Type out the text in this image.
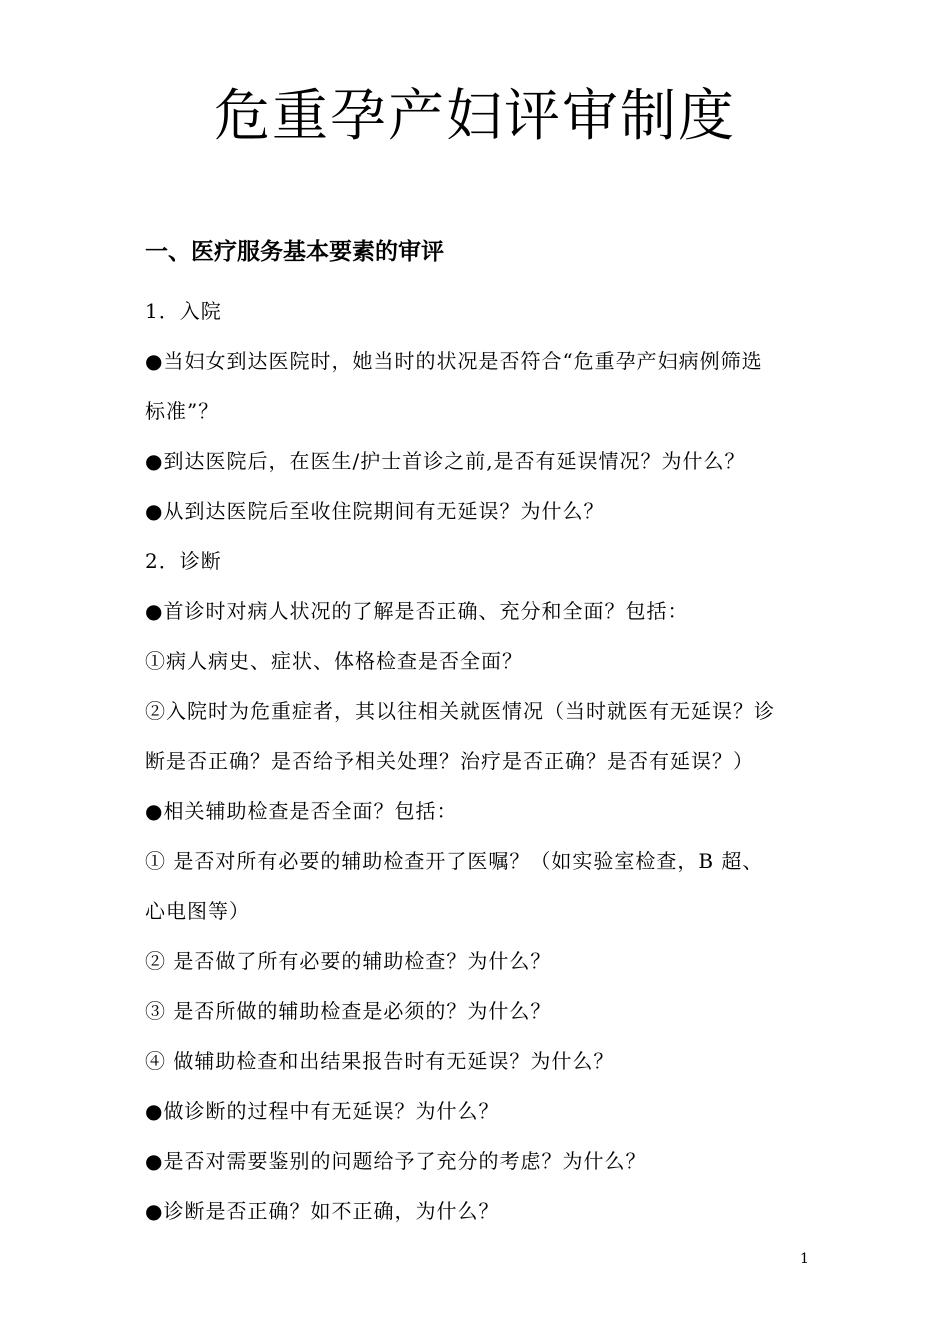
危重孕产妇评审制度
一、医疗服务基本要素的审评

1．入院

●当妇女到达医院时，她当时的状况是否符合“危重孕产妇病例筛选

标准”？

●到达医院后，在医生/护士首诊之前,是否有延误情况？为什么？

●从到达医院后至收住院期间有无延误？为什么？

2．诊断

●首诊时对病人状况的了解是否正确、充分和全面？包括：

①病人病史、症状、体格检查是否全面？

②入院时为危重症者，其以往相关就医情况（当时就医有无延误？诊

断是否正确？是否给予相关处理？治疗是否正确？是否有延误？）

●相关辅助检查是否全面？包括：

① 是否对所有必要的辅助检查开了医嘱？（如实验室检查，B 超、

心电图等）

② 是否做了所有必要的辅助检查？为什么？

③ 是否所做的辅助检查是必须的？为什么？

④ 做辅助检查和出结果报告时有无延误？为什么？

●做诊断的过程中有无延误？为什么？

●是否对需要鉴别的问题给予了充分的考虑？为什么？

●诊断是否正确？如不正确，为什么？

1
